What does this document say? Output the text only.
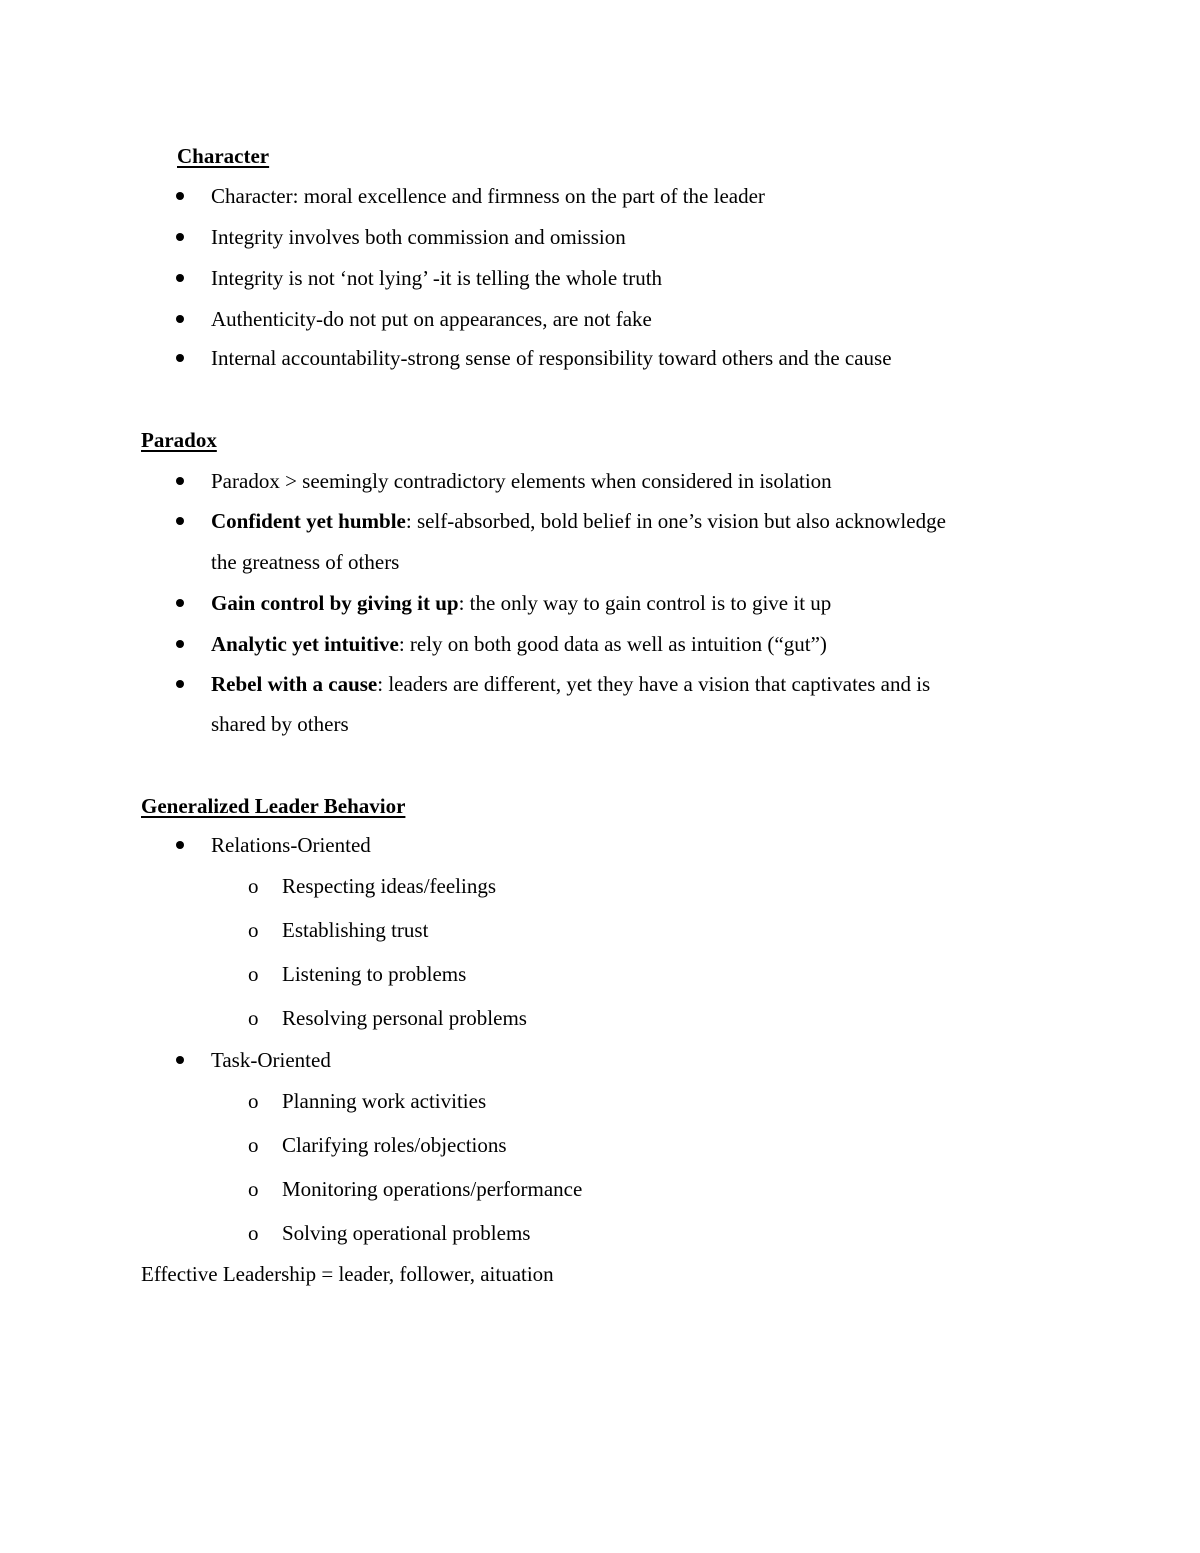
Character
Character: moral excellence and firmness on the part of the leader
Integrity involves both commission and omission
Integrity is not ‘not lying’ -it is telling the whole truth
Authenticity-do not put on appearances, are not fake
Internal accountability-strong sense of responsibility toward others and the cause
Paradox
Paradox > seemingly contradictory elements when considered in isolation
Confident yet humble: self-absorbed, bold belief in one’s vision but also acknowledge
the greatness of others
Gain control by giving it up: the only way to gain control is to give it up
Analytic yet intuitive: rely on both good data as well as intuition (“gut”)
Rebel with a cause: leaders are different, yet they have a vision that captivates and is
shared by others
Generalized Leader Behavior
Relations-Oriented
o Respecting ideas/feelings
o Establishing trust
o Listening to problems
o Resolving personal problems
Task-Oriented
o Planning work activities
o Clarifying roles/objections
o Monitoring operations/performance
o Solving operational problems
Effective Leadership = leader, follower, aituation
